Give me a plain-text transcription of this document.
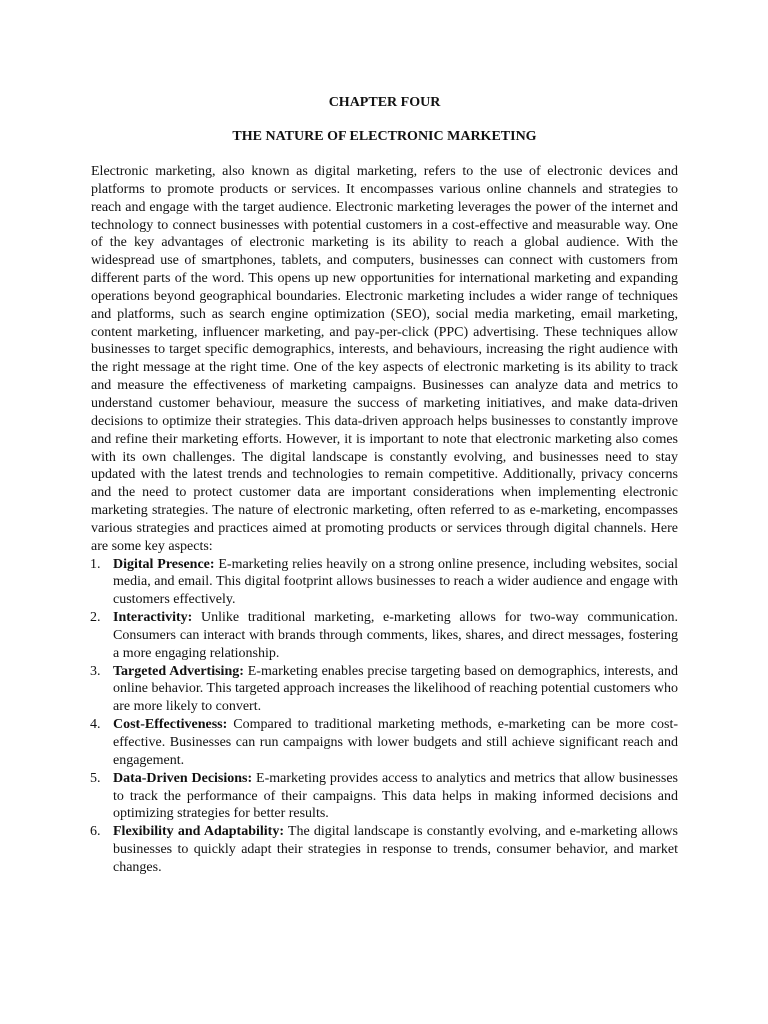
CHAPTER FOUR
THE NATURE OF ELECTRONIC MARKETING

Electronic marketing, also known as digital marketing, refers to the use of electronic devices and platforms to promote products or services. It encompasses various online channels and strategies to reach and engage with the target audience. Electronic marketing leverages the power of the internet and technology to connect businesses with potential customers in a cost-effective and measurable way. One of the key advantages of electronic marketing is its ability to reach a global audience. With the widespread use of smartphones, tablets, and computers, businesses can connect with customers from different parts of the word. This opens up new opportunities for international marketing and expanding operations beyond geographical boundaries. Electronic marketing includes a wider range of techniques and platforms, such as search engine optimization (SEO), social media marketing, email marketing, content marketing, influencer marketing, and pay-per-click (PPC) advertising. These techniques allow businesses to target specific demographics, interests, and behaviours, increasing the right audience with the right message at the right time. One of the key aspects of electronic marketing is its ability to track and measure the effectiveness of marketing campaigns. Businesses can analyze data and metrics to understand customer behaviour, measure the success of marketing initiatives, and make data-driven decisions to optimize their strategies. This data-driven approach helps businesses to constantly improve and refine their marketing efforts. However, it is important to note that electronic marketing also comes with its own challenges. The digital landscape is constantly evolving, and businesses need to stay updated with the latest trends and technologies to remain competitive. Additionally, privacy concerns and the need to protect customer data are important considerations when implementing electronic marketing strategies. The nature of electronic marketing, often referred to as e-marketing, encompasses various strategies and practices aimed at promoting products or services through digital channels. Here are some key aspects:

1. Digital Presence: E-marketing relies heavily on a strong online presence, including websites, social media, and email. This digital footprint allows businesses to reach a wider audience and engage with customers effectively.
2. Interactivity: Unlike traditional marketing, e-marketing allows for two-way communication. Consumers can interact with brands through comments, likes, shares, and direct messages, fostering a more engaging relationship.
3. Targeted Advertising: E-marketing enables precise targeting based on demographics, interests, and online behavior. This targeted approach increases the likelihood of reaching potential customers who are more likely to convert.
4. Cost-Effectiveness: Compared to traditional marketing methods, e-marketing can be more cost-effective. Businesses can run campaigns with lower budgets and still achieve significant reach and engagement.
5. Data-Driven Decisions: E-marketing provides access to analytics and metrics that allow businesses to track the performance of their campaigns. This data helps in making informed decisions and optimizing strategies for better results.
6. Flexibility and Adaptability: The digital landscape is constantly evolving, and e-marketing allows businesses to quickly adapt their strategies in response to trends, consumer behavior, and market changes.
